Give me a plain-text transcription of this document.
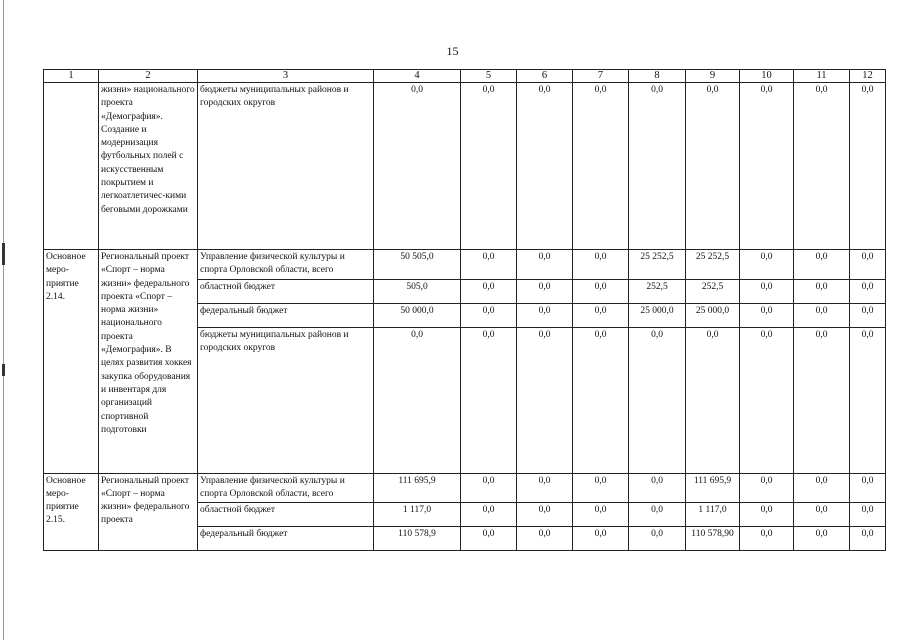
15
1	2	3	4	5	6	7	8	9	10	11	12
	жизни» национального проекта «Демография». Создание и модернизация футбольных полей с искусственным покрытием и легкоатлетичес-кими беговыми дорожками	бюджеты муниципальных районов и городских округов	0,0	0,0	0,0	0,0	0,0	0,0	0,0	0,0	0,0
Основное меро-приятие 2.14.	Региональный проект «Спорт – норма жизни» федерального проекта «Спорт – норма жизни» национального проекта «Демография». В целях развития хоккея закупка оборудования и инвентаря для организаций спортивной подготовки	Управление физической культуры и спорта Орловской области, всего	50 505,0	0,0	0,0	0,0	25 252,5	25 252,5	0,0	0,0	0,0
		областной бюджет	505,0	0,0	0,0	0,0	252,5	252,5	0,0	0,0	0,0
		федеральный бюджет	50 000,0	0,0	0,0	0,0	25 000,0	25 000,0	0,0	0,0	0,0
		бюджеты муниципальных районов и городских округов	0,0	0,0	0,0	0,0	0,0	0,0	0,0	0,0	0,0
Основное меро-приятие 2.15.	Региональный проект «Спорт – норма жизни» федерального проекта	Управление физической культуры и спорта Орловской области, всего	111 695,9	0,0	0,0	0,0	0,0	111 695,9	0,0	0,0	0,0
		областной бюджет	1 117,0	0,0	0,0	0,0	0,0	1 117,0	0,0	0,0	0,0
		федеральный бюджет	110 578,9	0,0	0,0	0,0	0,0	110 578,90	0,0	0,0	0,0
